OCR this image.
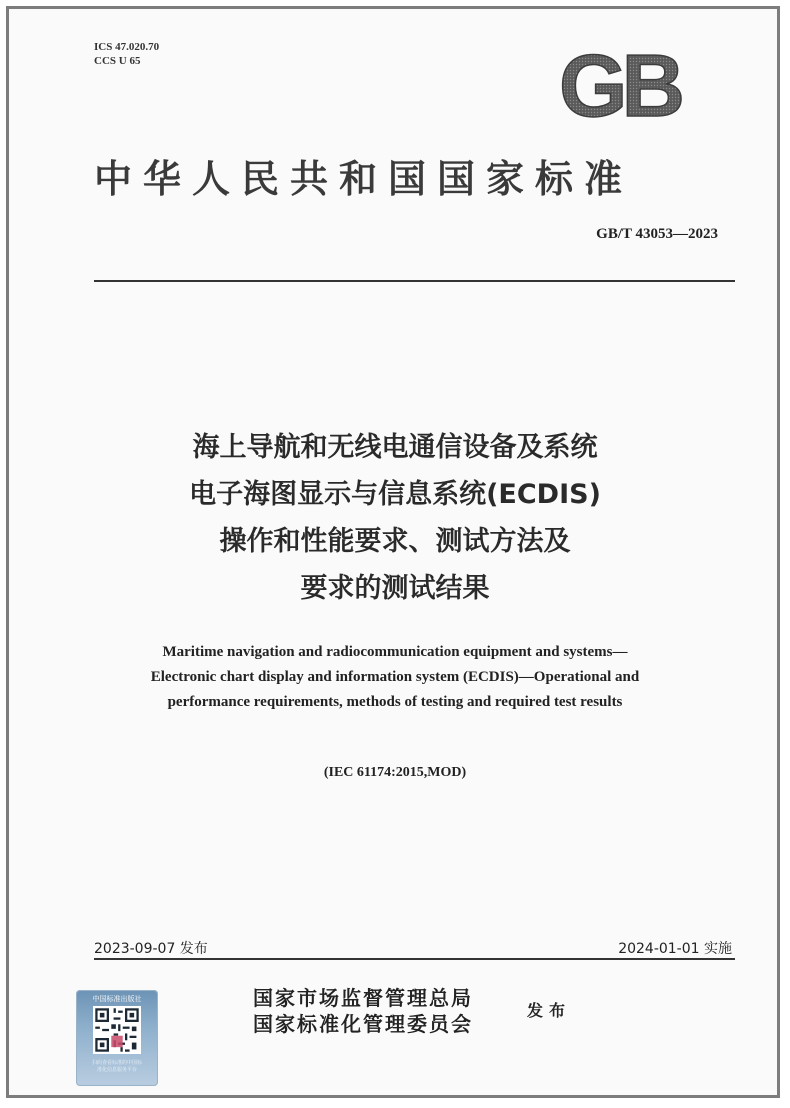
ICS 47.020.70
CCS U 65	GB
中华人民共和国国家标准
GB/T 43053—2023
海上导航和无线电通信设备及系统
电子海图显示与信息系统(ECDIS)
操作和性能要求、测试方法及
要求的测试结果
Maritime navigation and radiocommunication equipment and systems—
Electronic chart display and information system (ECDIS)—Operational and
performance requirements, methods of testing and required test results
(IEC 61174:2015,MOD)
2023-09-07 发布	2024-01-01 实施
中国标准出版社
扫码查看标准的中国标
准化信息服务平台
国家市场监督管理总局
国家标准化管理委员会
发布
